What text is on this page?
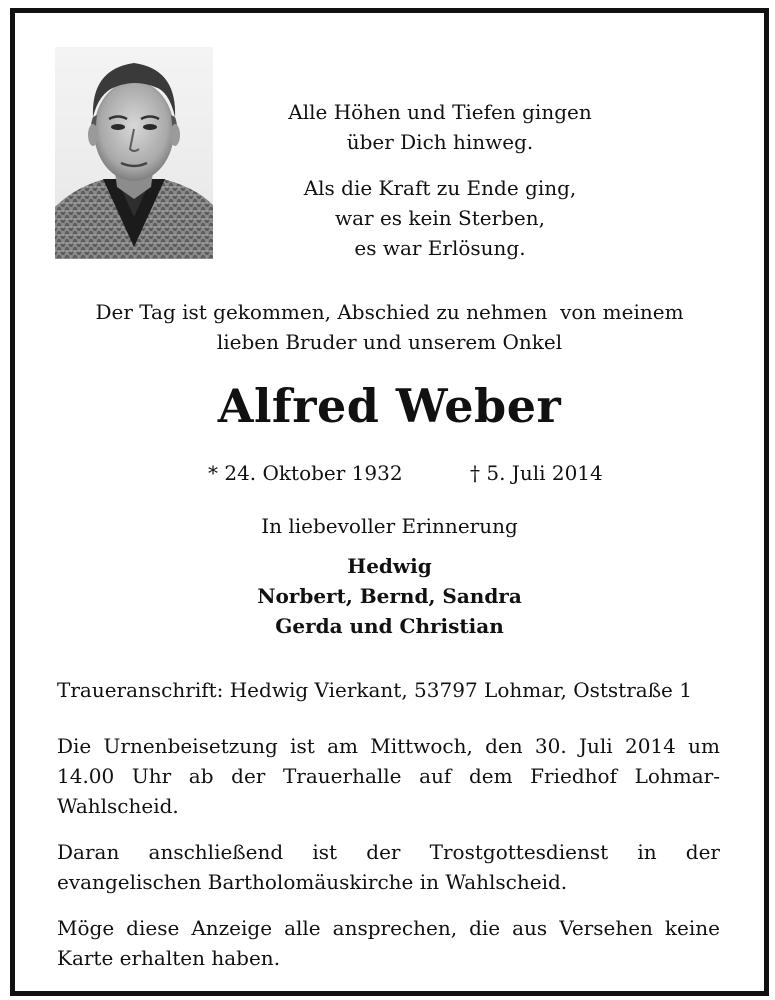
Alle Höhen und Tiefen gingen
über Dich hinweg.
Als die Kraft zu Ende ging,
war es kein Sterben,
es war Erlösung.
Der Tag ist gekommen, Abschied zu nehmen  von meinem
lieben Bruder und unserem Onkel
Alfred Weber
* 24. Oktober 1932	† 5. Juli 2014
In liebevoller Erinnerung
Hedwig
Norbert, Bernd, Sandra
Gerda und Christian
Traueranschrift: Hedwig Vierkant, 53797 Lohmar, Oststraße 1
Die Urnenbeisetzung ist am Mittwoch, den 30. Juli 2014 um 14.00 Uhr ab der Trauerhalle auf dem Friedhof Lohmar-Wahlscheid.
Daran anschließend ist der Trostgottesdienst in der evangelischen Bartholomäuskirche in Wahlscheid.
Möge diese Anzeige alle ansprechen, die aus Versehen keine Karte erhalten haben.
